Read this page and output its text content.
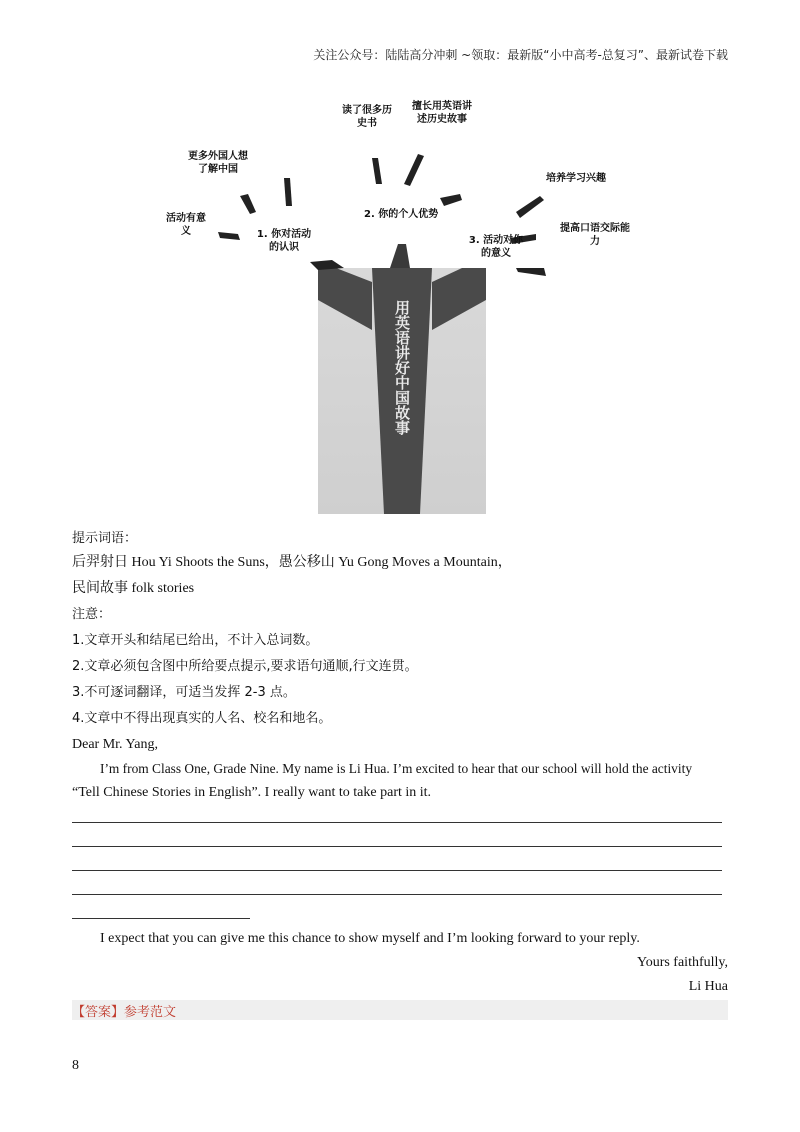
关注公众号：陆陆高分冲刺 ~领取：最新版“小中高考-总复习”、最新试卷下载
用英语讲好中国故事
1. 你对活动的认识
2. 你的个人优势
3. 活动对你的意义
活动有意义
更多外国人想了解中国
读了很多历史书
擅长用英语讲述历史故事
培养学习兴趣
提高口语交际能力
提示词语：
后羿射日 Hou Yi Shoots the Suns，愚公移山 Yu Gong Moves a Mountain，
民间故事 folk stories
注意：
1.文章开头和结尾已给出，不计入总词数。
2.文章必须包含图中所给要点提示,要求语句通顺,行文连贯。
3.不可逐词翻译，可适当发挥 2-3 点。
4.文章中不得出现真实的人名、校名和地名。
Dear Mr. Yang,
I’m from Class One, Grade Nine. My name is Li Hua. I’m excited to hear that our school will hold the activity
“Tell Chinese Stories in English”. I really want to take part in it.
I expect that you can give me this chance to show myself and I’m looking forward to your reply.
Yours faithfully,
Li Hua
【答案】参考范文
8
